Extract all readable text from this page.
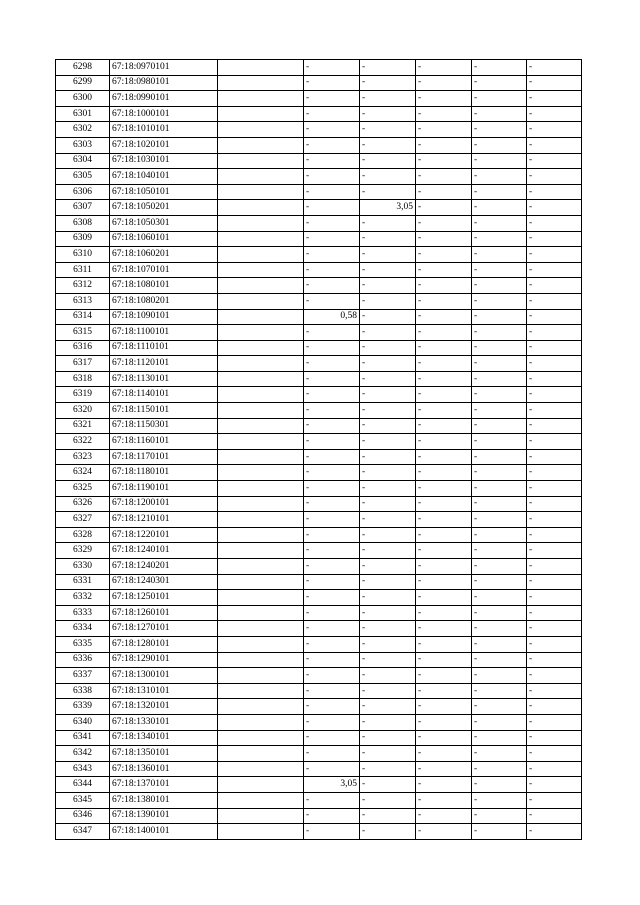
6298	67:18:0970101		-	-	-	-	-
6299	67:18:0980101		-	-	-	-	-
6300	67:18:0990101		-	-	-	-	-
6301	67:18:1000101		-	-	-	-	-
6302	67:18:1010101		-	-	-	-	-
6303	67:18:1020101		-	-	-	-	-
6304	67:18:1030101		-	-	-	-	-
6305	67:18:1040101		-	-	-	-	-
6306	67:18:1050101		-	-	-	-	-
6307	67:18:1050201		-	3,05	-	-	-
6308	67:18:1050301		-	-	-	-	-
6309	67:18:1060101		-	-	-	-	-
6310	67:18:1060201		-	-	-	-	-
6311	67:18:1070101		-	-	-	-	-
6312	67:18:1080101		-	-	-	-	-
6313	67:18:1080201		-	-	-	-	-
6314	67:18:1090101		0,58	-	-	-	-
6315	67:18:1100101		-	-	-	-	-
6316	67:18:1110101		-	-	-	-	-
6317	67:18:1120101		-	-	-	-	-
6318	67:18:1130101		-	-	-	-	-
6319	67:18:1140101		-	-	-	-	-
6320	67:18:1150101		-	-	-	-	-
6321	67:18:1150301		-	-	-	-	-
6322	67:18:1160101		-	-	-	-	-
6323	67:18:1170101		-	-	-	-	-
6324	67:18:1180101		-	-	-	-	-
6325	67:18:1190101		-	-	-	-	-
6326	67:18:1200101		-	-	-	-	-
6327	67:18:1210101		-	-	-	-	-
6328	67:18:1220101		-	-	-	-	-
6329	67:18:1240101		-	-	-	-	-
6330	67:18:1240201		-	-	-	-	-
6331	67:18:1240301		-	-	-	-	-
6332	67:18:1250101		-	-	-	-	-
6333	67:18:1260101		-	-	-	-	-
6334	67:18:1270101		-	-	-	-	-
6335	67:18:1280101		-	-	-	-	-
6336	67:18:1290101		-	-	-	-	-
6337	67:18:1300101		-	-	-	-	-
6338	67:18:1310101		-	-	-	-	-
6339	67:18:1320101		-	-	-	-	-
6340	67:18:1330101		-	-	-	-	-
6341	67:18:1340101		-	-	-	-	-
6342	67:18:1350101		-	-	-	-	-
6343	67:18:1360101		-	-	-	-	-
6344	67:18:1370101		3,05	-	-	-	-
6345	67:18:1380101		-	-	-	-	-
6346	67:18:1390101		-	-	-	-	-
6347	67:18:1400101		-	-	-	-	-
